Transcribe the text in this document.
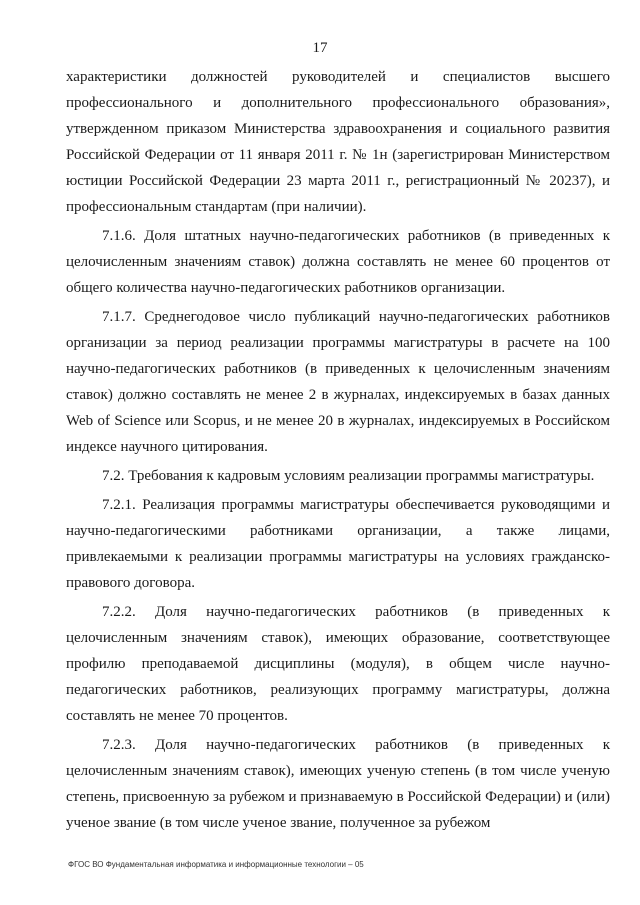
17

характеристики должностей руководителей и специалистов высшего профессионального и дополнительного профессионального образования», утвержденном приказом Министерства здравоохранения и социального развития Российской Федерации от 11 января 2011 г. № 1н (зарегистрирован Министерством юстиции Российской Федерации 23 марта 2011 г., регистрационный № 20237), и профессиональным стандартам (при наличии).

7.1.6. Доля штатных научно-педагогических работников (в приведенных к целочисленным значениям ставок) должна составлять не менее 60 процентов от общего количества научно-педагогических работников организации.

7.1.7. Среднегодовое число публикаций научно-педагогических работников организации за период реализации программы магистратуры в расчете на 100 научно-педагогических работников (в приведенных к целочисленным значениям ставок) должно составлять не менее 2 в журналах, индексируемых в базах данных Web of Science или Scopus, и не менее 20 в журналах, индексируемых в Российском индексе научного цитирования.

7.2. Требования к кадровым условиям реализации программы магистратуры.

7.2.1. Реализация программы магистратуры обеспечивается руководящими и научно-педагогическими работниками организации, а также лицами, привлекаемыми к реализации программы магистратуры на условиях гражданско-правового договора.

7.2.2. Доля научно-педагогических работников (в приведенных к целочисленным значениям ставок), имеющих образование, соответствующее профилю преподаваемой дисциплины (модуля), в общем числе научно-педагогических работников, реализующих программу магистратуры, должна составлять не менее 70 процентов.

7.2.3. Доля научно-педагогических работников (в приведенных к целочисленным значениям ставок), имеющих ученую степень (в том числе ученую степень, присвоенную за рубежом и признаваемую в Российской Федерации) и (или) ученое звание (в том числе ученое звание, полученное за рубежом

ФГОС ВО Фундаментальная информатика и информационные технологии – 05
